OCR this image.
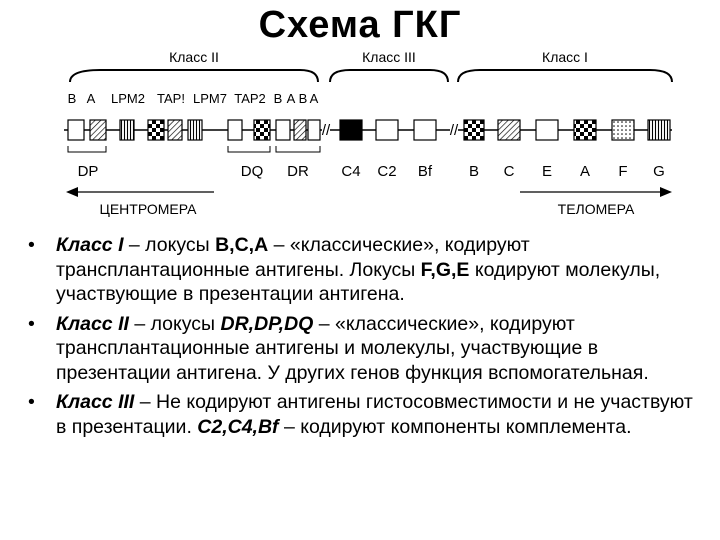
Схема ГКГ
Класс II	Класс III	Класс I
B A LPM2 TAP! LPM7 TAP2 B A B A
//	//
DP	DQ DR C4 C2 Bf B C E A F G
ЦЕНТРОМЕРА	ТЕЛОМЕРА
• Класс I – локусы B,C,A – «классические», кодируют трансплантационные антигены. Локусы F,G,E кодируют молекулы, участвующие в презентации антигена.
• Класс II – локусы DR,DP,DQ – «классические», кодируют трансплантационные антигены и молекулы, участвующие в презентации антигена. У других генов функция вспомогательная.
• Класс III – Не кодируют антигены гистосовместимости и не участвуют в презентации. C2,C4,Bf – кодируют компоненты комплемента.
